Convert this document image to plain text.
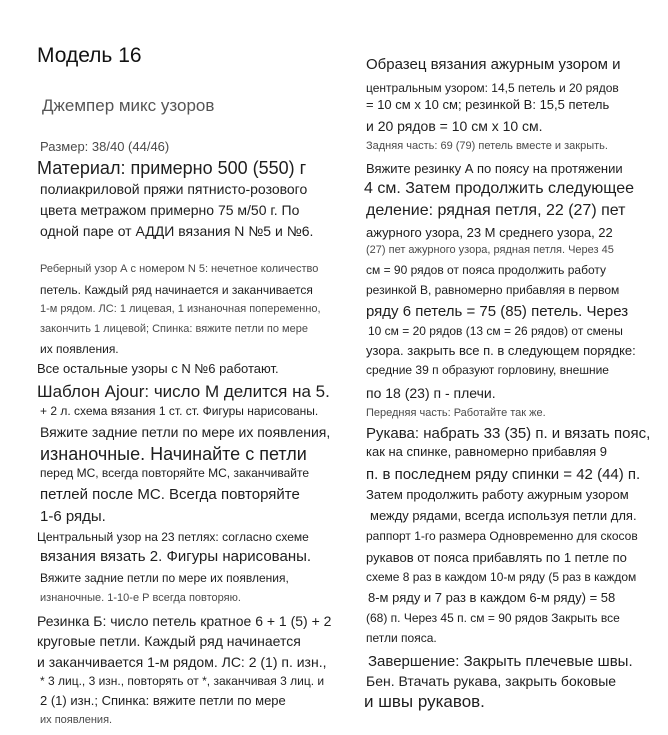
Модель 16
Джемпер микс узоров
Размер: 38/40 (44/46)
Материал: примерно 500 (550) г
полиакриловой пряжи пятнисто-розового
цвета метражом примерно 75 м/50 г. По
одной паре от АДДИ вязания N №5 и №6.
Реберный узор А с номером N 5: нечетное количество
петель. Каждый ряд начинается и заканчивается
1-м рядом. ЛС: 1 лицевая, 1 изнаночная попеременно,
закончить 1 лицевой; Спинка: вяжите петли по мере
их появления.
Все остальные узоры с N №6 работают.
Шаблон Ajour: число М делится на 5.
+ 2 л. схема вязания 1 ст. ст. Фигуры нарисованы.
Вяжите задние петли по мере их появления,
изнаночные. Начинайте с петли
перед МС, всегда повторяйте МС, заканчивайте
петлей после МС. Всегда повторяйте
1-6 ряды.
Центральный узор на 23 петлях: согласно схеме
вязания вязать 2. Фигуры нарисованы.
Вяжите задние петли по мере их появления,
изнаночные. 1-10-е Р всегда повторяю.
Резинка Б: число петель кратное 6 + 1 (5) + 2
круговые петли. Каждый ряд начинается
и заканчивается 1-м рядом. ЛС: 2 (1) п. изн.,
* 3 лиц., 3 изн., повторять от *, заканчивая 3 лиц. и
2 (1) изн.; Спинка: вяжите петли по мере
их появления.
Образец вязания ажурным узором и
центральным узором: 14,5 петель и 20 рядов
= 10 см х 10 см; резинкой В: 15,5 петель
и 20 рядов = 10 см х 10 см.
Задняя часть: 69 (79) петель вместе и закрыть.
Вяжите резинку А по поясу на протяжении
4 см. Затем продолжить следующее
деление: рядная петля, 22 (27) пет
ажурного узора, 23 М среднего узора, 22
(27) пет ажурного узора, рядная петля. Через 45
см = 90 рядов от пояса продолжить работу
резинкой В, равномерно прибавляя в первом
ряду 6 петель = 75 (85) петель. Через
10 см = 20 рядов (13 см = 26 рядов) от смены
узора. закрыть все п. в следующем порядке:
средние 39 п образуют горловину, внешние
по 18 (23) п - плечи.
Передняя часть: Работайте так же.
Рукава: набрать 33 (35) п. и вязать пояс,
как на спинке, равномерно прибавляя 9
п. в последнем ряду спинки = 42 (44) п.
Затем продолжить работу ажурным узором
между рядами, всегда используя петли для.
раппорт 1-го размера Одновременно для скосов
рукавов от пояса прибавлять по 1 петле по
схеме 8 раз в каждом 10-м ряду (5 раз в каждом
8-м ряду и 7 раз в каждом 6-м ряду) = 58
(68) п. Через 45 п. см = 90 рядов Закрыть все
петли пояса.
Завершение: Закрыть плечевые швы.
Бен. Втачать рукава, закрыть боковые
и швы рукавов.
